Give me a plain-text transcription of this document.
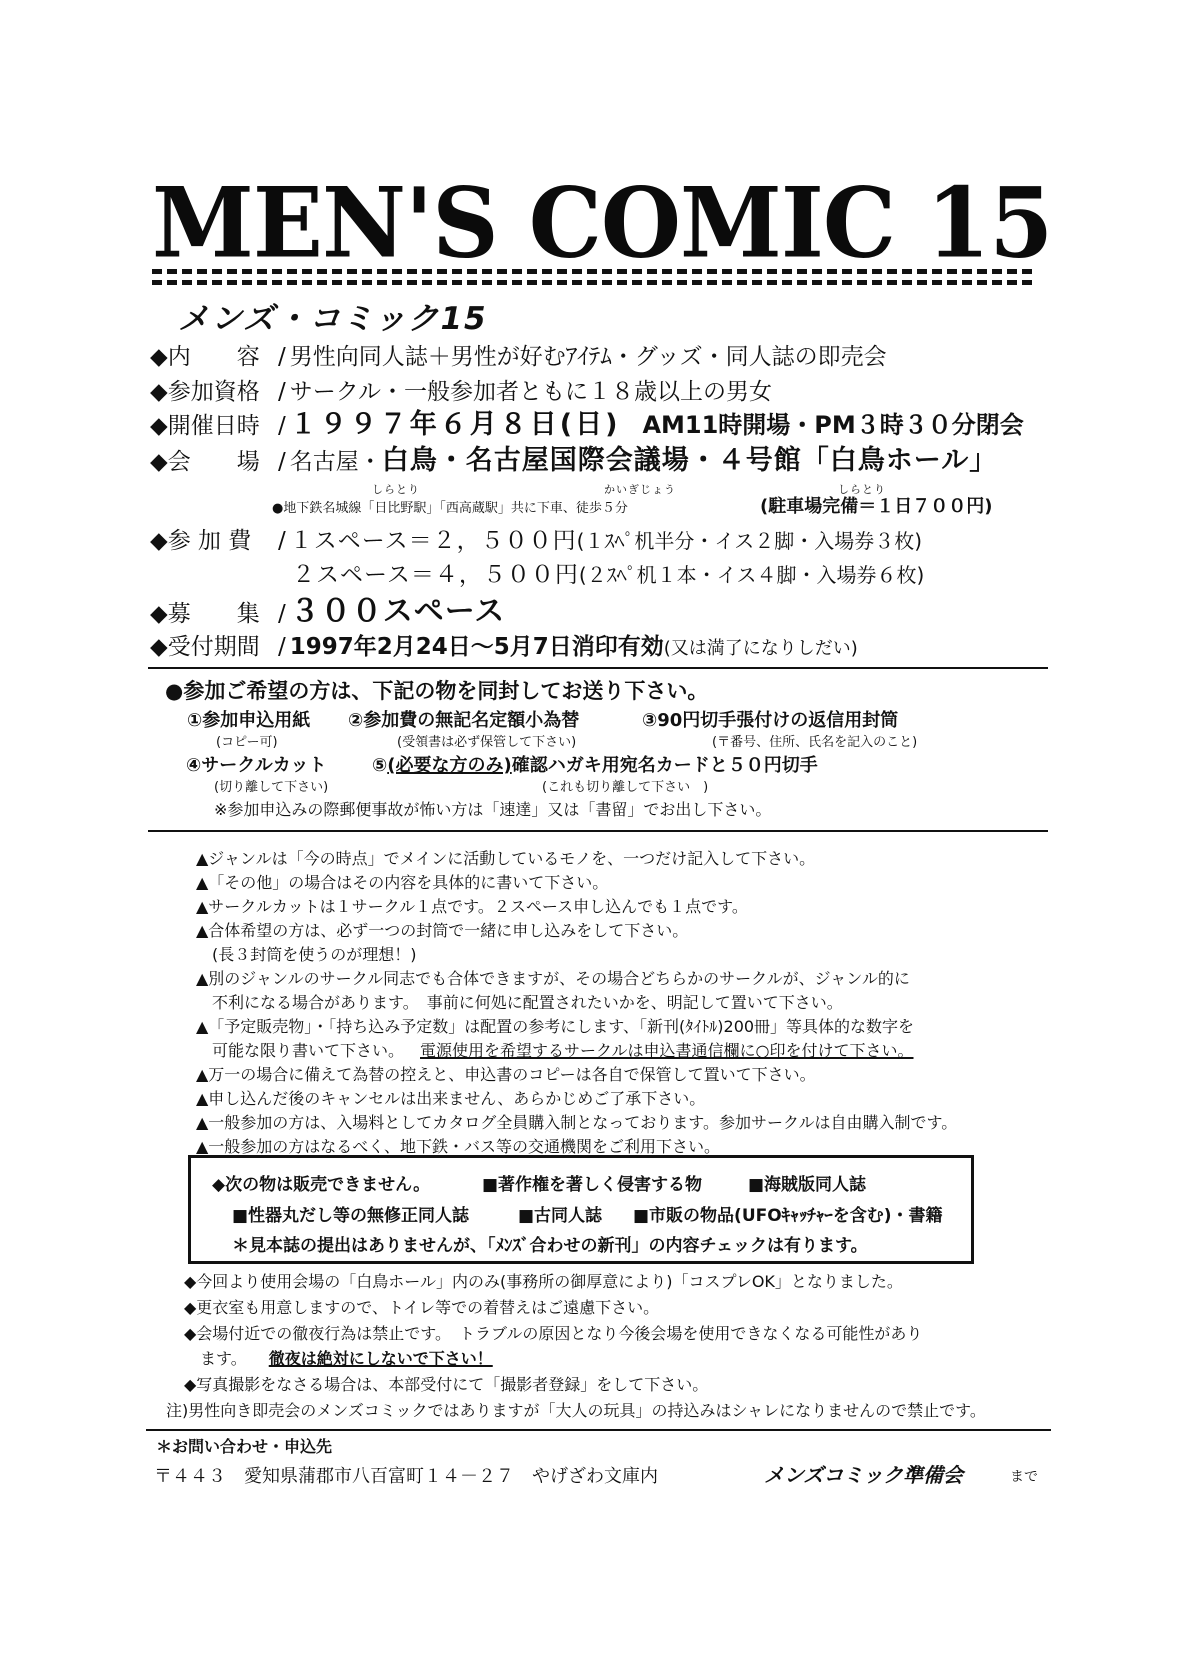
MEN'S COMIC 15
メンズ・コミック15
◆内　　容 / 男性向同人誌＋男性が好むｱｲﾃﾑ・グッズ・同人誌の即売会
◆参加資格 / サークル・一般参加者ともに１８歳以上の男女
◆開催日時 / １９９７年６月８日(日) AM11時開場・PM３時３０分閉会
◆会　　場 / 名古屋・白鳥・名古屋国際会議場・４号館「白鳥ホール」
しらとり	かいぎじょう	しらとり
●地下鉄名城線「日比野駅」「西高蔵駅」共に下車、徒歩５分	(駐車場完備＝１日７００円)
◆参 加 費 / １スペース＝２，５００円(１ｽﾍﾟ机半分・イス２脚・入場券３枚)
２スペース＝４，５００円(２ｽﾍﾟ机１本・イス４脚・入場券６枚)
◆募　　集 / ３００スペース
◆受付期間 / 1997年2月24日～5月7日消印有効(又は満了になりしだい)
●参加ご希望の方は、下記の物を同封してお送り下さい。
①参加申込用紙 ②参加費の無記名定額小為替	③90円切手張付けの返信用封筒
(コピー可)	(受領書は必ず保管して下さい)	(〒番号、住所、氏名を記入のこと)
④サークルカット	⑤(必要な方のみ)確認ハガキ用宛名カードと５０円切手
(切り離して下さい)	(これも切り離して下さい　)
※参加申込みの際郵便事故が怖い方は「速達」又は「書留」でお出し下さい。
▲ジャンルは「今の時点」でメインに活動しているモノを、一つだけ記入して下さい。
▲「その他」の場合はその内容を具体的に書いて下さい。
▲サークルカットは１サークル１点です。２スペース申し込んでも１点です。
▲合体希望の方は、必ず一つの封筒で一緒に申し込みをして下さい。
　(長３封筒を使うのが理想！)
▲別のジャンルのサークル同志でも合体できますが、その場合どちらかのサークルが、ジャンル的に
　不利になる場合があります。　事前に何処に配置されたいかを、明記して置いて下さい。
▲「予定販売物」・「持ち込み予定数」は配置の参考にします、「新刊(ﾀｲﾄﾙ)200冊」等具体的な数字を
　可能な限り書いて下さい。 電源使用を希望するサークルは申込書通信欄に○印を付けて下さい。
▲万一の場合に備えて為替の控えと、申込書のコピーは各自で保管して置いて下さい。
▲申し込んだ後のキャンセルは出来ません、あらかじめご了承下さい。
▲一般参加の方は、入場料としてカタログ全員購入制となっております。参加サークルは自由購入制です。
▲一般参加の方はなるべく、地下鉄・バス等の交通機関をご利用下さい。
◆次の物は販売できません。	■著作権を著しく侵害する物	■海賊版同人誌
■性器丸だし等の無修正同人誌	■古同人誌 ■市販の物品(UFOｷｬｯﾁｬｰを含む)・書籍
＊見本誌の提出はありませんが、「ﾒﾝｽﾞ合わせの新刊」の内容チェックは有ります。
◆今回より使用会場の「白鳥ホール」内のみ(事務所の御厚意により)「コスプレOK」となりました。
◆更衣室も用意しますので、トイレ等での着替えはご遠慮下さい。
◆会場付近での徹夜行為は禁止です。　トラブルの原因となり今後会場を使用できなくなる可能性があり
　ます。 徹夜は絶対にしないで下さい！
◆写真撮影をなさる場合は、本部受付にて「撮影者登録」をして下さい。
注)男性向き即売会のメンズコミックではありますが「大人の玩具」の持込みはシャレになりませんので禁止です。
＊お問い合わせ・申込先
〒４４３　愛知県蒲郡市八百富町１４－２７　やげざわ文庫内	メンズコミック準備会	まで
